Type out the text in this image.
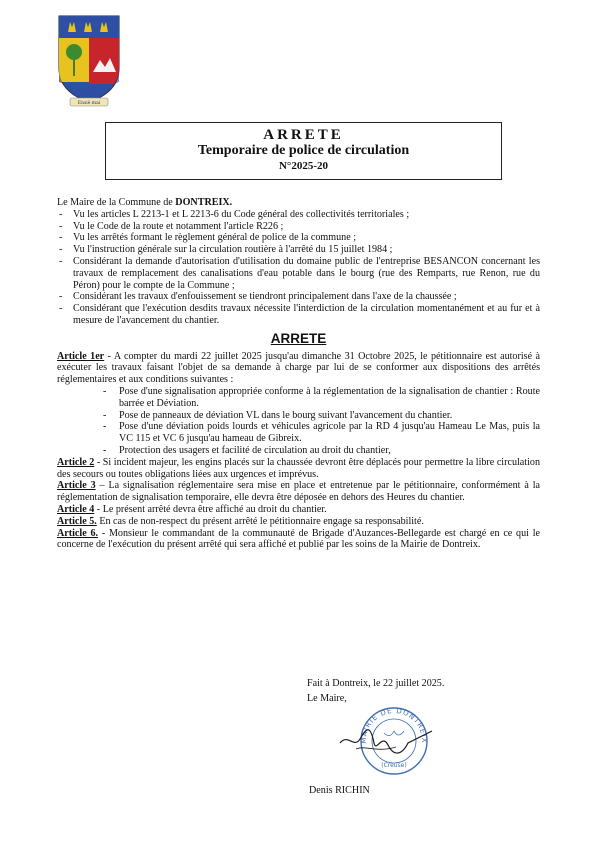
Ensiè mai
ARRETE
Temporaire de police de circulation
N°2025-20

Le Maire de la Commune de DONTREIX.

- Vu les articles L 2213-1 et L 2213-6 du Code général des collectivités territoriales ;
- Vu le Code de la route et notamment l'article R226 ;
- Vu les arrêtés formant le règlement général de police de la commune ;
- Vu l'instruction générale sur la circulation routière à l'arrêté du 15 juillet 1984 ;
- Considérant la demande d'autorisation d'utilisation du domaine public de l'entreprise BESANCON concernant les travaux de remplacement des canalisations d'eau potable dans le bourg (rue des Remparts, rue Renon, rue du Péron) pour le compte de la Commune ;
- Considérant les travaux d'enfouissement se tiendront principalement dans l'axe de la chaussée ;
- Considérant que l'exécution desdits travaux nécessite l'interdiction de la circulation momentanément et au fur et à mesure de l'avancement du chantier.
ARRETE

Article 1er - A compter du mardi 22 juillet 2025 jusqu'au dimanche 31 Octobre 2025, le pétitionnaire est autorisé à exécuter les travaux faisant l'objet de sa demande à charge par lui de se conformer aux dispositions des arrêtés réglementaires et aux conditions suivantes :

- Pose d'une signalisation appropriée conforme à la réglementation de la signalisation de chantier : Route barrée et Déviation.
- Pose de panneaux de déviation VL dans le bourg suivant l'avancement du chantier.
- Pose d'une déviation poids lourds et véhicules agricole par la RD 4 jusqu'au Hameau Le Mas, puis la VC 115 et VC 6 jusqu'au hameau de Gibreix.
- Protection des usagers et facilité de circulation au droit du chantier,

Article 2 - Si incident majeur, les engins placés sur la chaussée devront être déplacés pour permettre la libre circulation des secours ou toutes obligations liées aux urgences et imprévus.

Article 3 – La signalisation réglementaire sera mise en place et entretenue par le pétitionnaire, conformément à la réglementation de signalisation temporaire, elle devra être déposée en dehors des Heures du chantier.

Article 4 - Le présent arrêté devra être affiché au droit du chantier.

Article 5. En cas de non-respect du présent arrêté le pétitionnaire engage sa responsabilité.

Article 6. - Monsieur le commandant de la communauté de Brigade d'Auzances-Bellegarde est chargé en ce qui le concerne de l'exécution du présent arrêté qui sera affiché et publié par les soins de la Mairie de Dontreix.

Fait à Dontreix, le 22 juillet 2025.
Le Maire,
MAIRIE DE DONTREIX
(Creuse)
Denis RICHIN
